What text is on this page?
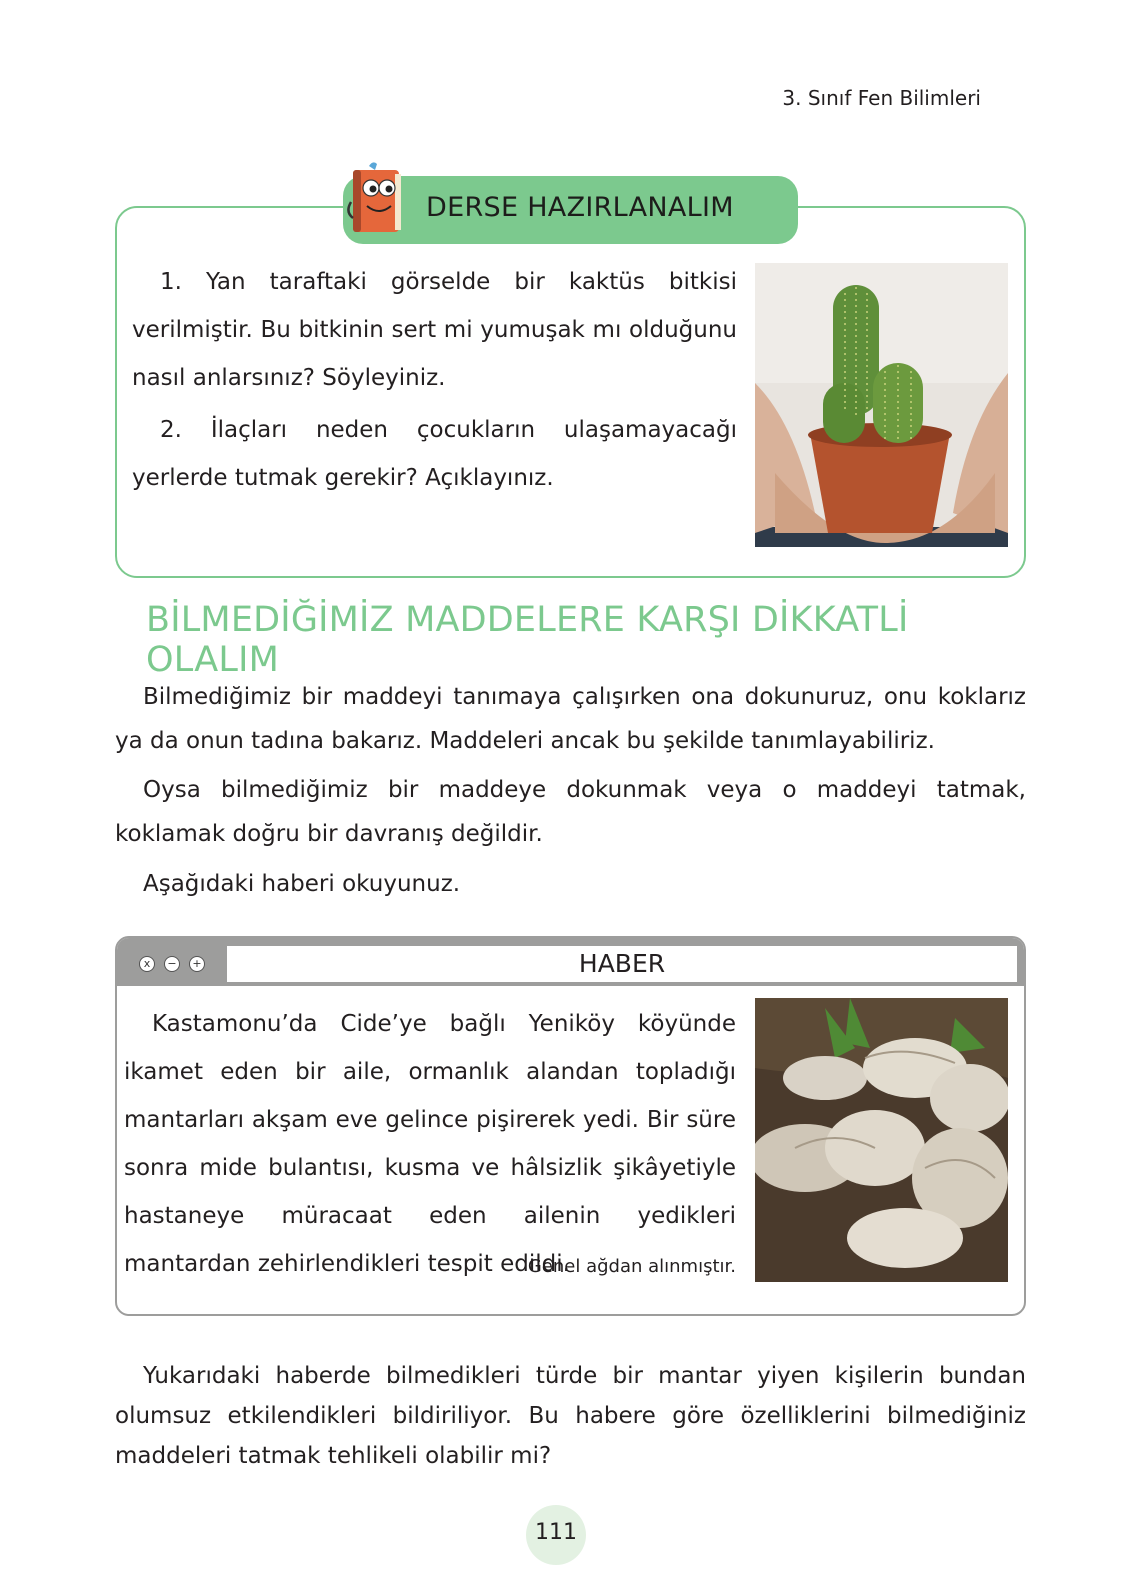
3. Sınıf Fen Bilimleri
DERSE HAZIRLANALIM
1. Yan taraftaki görselde bir kaktüs bitkisi verilmiştir. Bu bitkinin sert mi yumuşak mı olduğunu nasıl anlarsınız? Söyleyiniz.
2. İlaçları neden çocukların ulaşamayacağı yerlerde tutmak gerekir? Açıklayınız.
BİLMEDİĞİMİZ MADDELERE KARŞI DİKKATLİ OLALIM
Bilmediğimiz bir maddeyi tanımaya çalışırken ona dokunuruz, onu koklarız ya da onun tadına bakarız. Maddeleri ancak bu şekilde tanımlayabiliriz.
Oysa bilmediğimiz bir maddeye dokunmak veya o maddeyi tatmak, koklamak doğru bir davranış değildir.
Aşağıdaki haberi okuyunuz.
x	−	+	HABER
Kastamonu’da Cide’ye bağlı Yeniköy köyünde ikamet eden bir aile, ormanlık alandan topladığı mantarları akşam eve gelince pişirerek yedi. Bir süre sonra mide bulantısı, kusma ve hâlsizlik şikâyetiyle hastaneye müracaat eden ailenin yedikleri mantardan zehirlendikleri tespit edildi.
Genel ağdan alınmıştır.
Yukarıdaki haberde bilmedikleri türde bir mantar yiyen kişilerin bundan olumsuz etkilendikleri bildiriliyor. Bu habere göre özelliklerini bilmediğiniz maddeleri tatmak tehlikeli olabilir mi?
111
